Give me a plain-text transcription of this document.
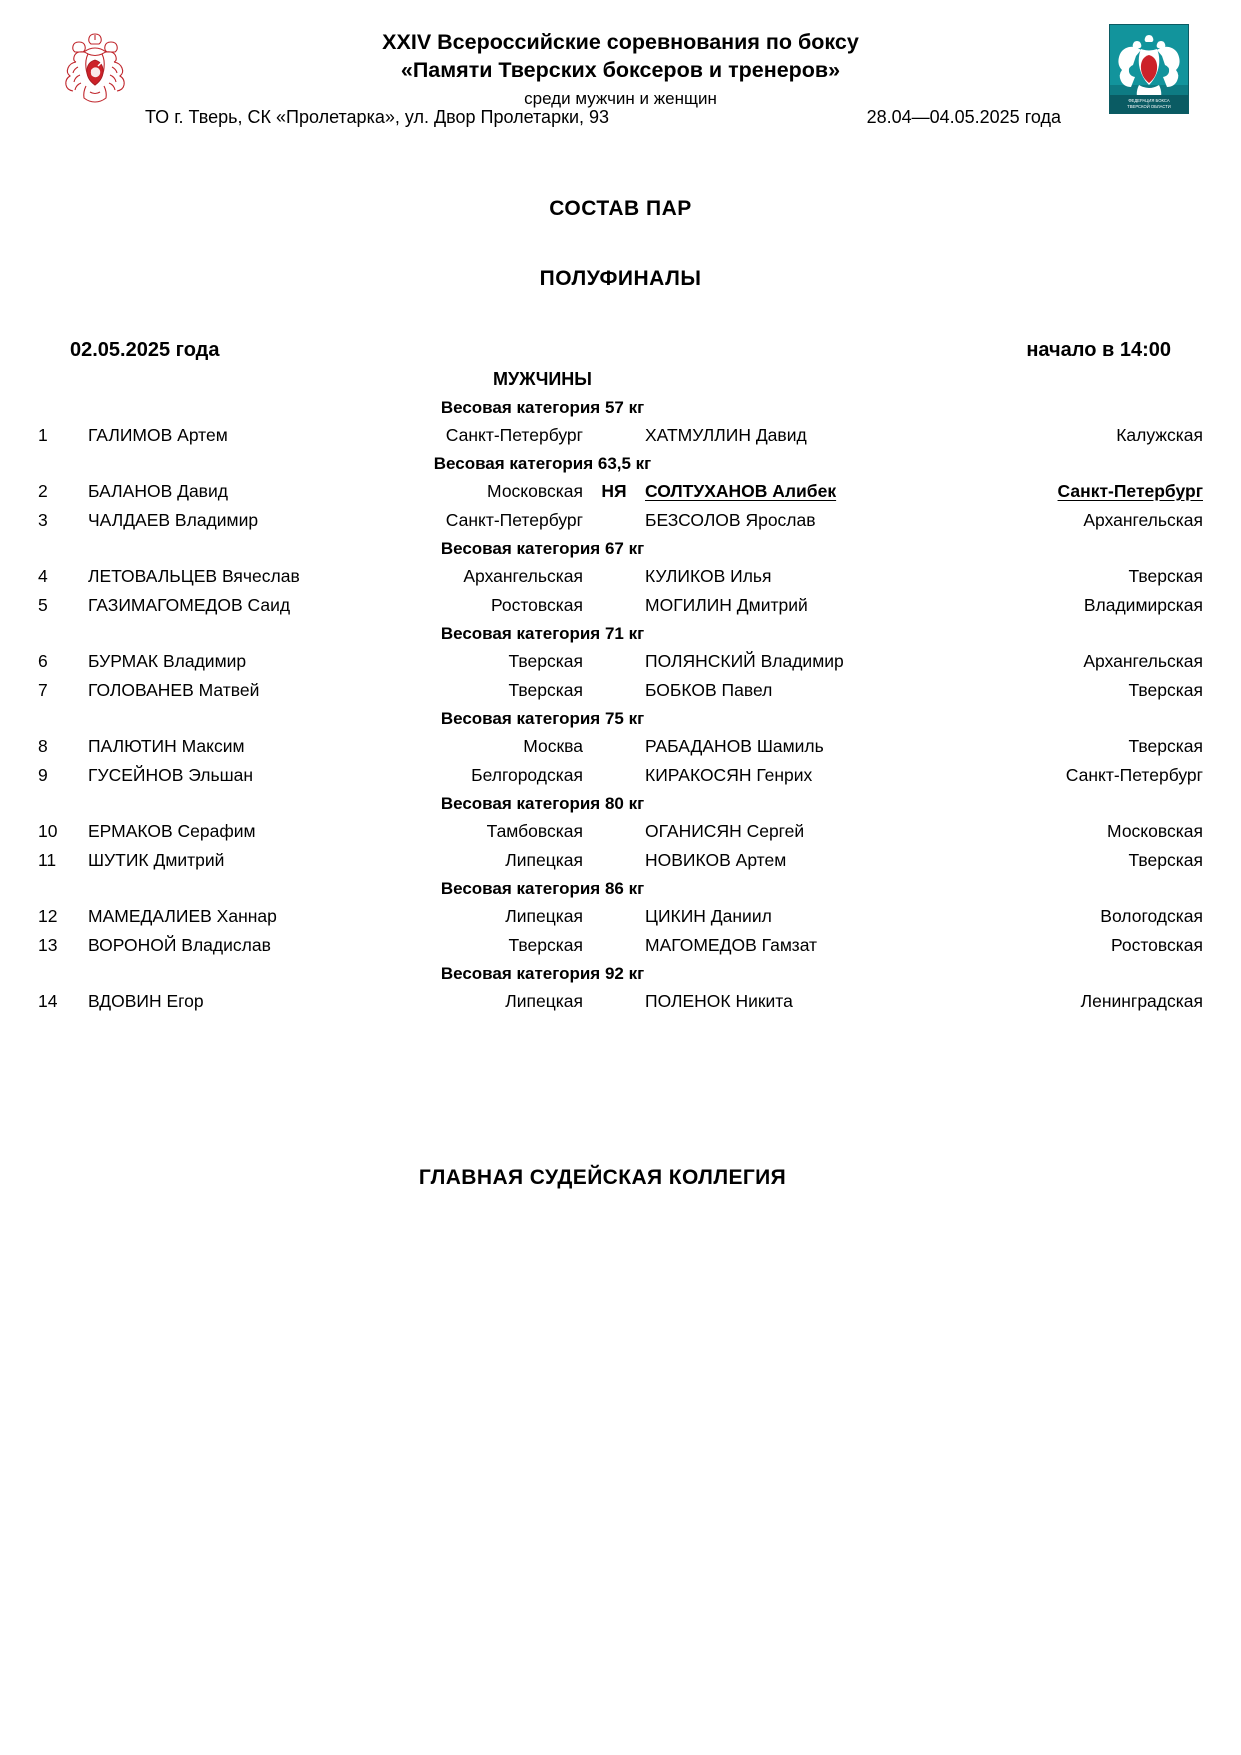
XXIV Всероссийские соревнования по боксу
«Памяти Тверских боксеров и тренеров»
среди мужчин и женщин
ТО г. Тверь, СК «Пролетарка», ул. Двор Пролетарки, 93	28.04—04.05.2025 года
ФЕДЕРАЦИЯ БОКСА
ТВЕРСКОЙ ОБЛАСТИ
СОСТАВ ПАР
ПОЛУФИНАЛЫ
02.05.2025 года	начало в 14:00
МУЖЧИНЫ
Весовая категория 57 кг
1	ГАЛИМОВ Артем	Санкт-Петербург	ХАТМУЛЛИН Давид	Калужская
Весовая категория 63,5 кг
2	БАЛАНОВ Давид	Московская	НЯ	СОЛТУХАНОВ Алибек	Санкт-Петербург
3	ЧАЛДАЕВ Владимир	Санкт-Петербург	БЕЗСОЛОВ Ярослав	Архангельская
Весовая категория 67 кг
4	ЛЕТОВАЛЬЦЕВ Вячеслав	Архангельская	КУЛИКОВ Илья	Тверская
5	ГАЗИМАГОМЕДОВ Саид	Ростовская	МОГИЛИН Дмитрий	Владимирская
Весовая категория 71 кг
6	БУРМАК Владимир	Тверская	ПОЛЯНСКИЙ Владимир	Архангельская
7	ГОЛОВАНЕВ Матвей	Тверская	БОБКОВ Павел	Тверская
Весовая категория 75 кг
8	ПАЛЮТИН Максим	Москва	РАБАДАНОВ Шамиль	Тверская
9	ГУСЕЙНОВ Эльшан	Белгородская	КИРАКОСЯН Генрих	Санкт-Петербург
Весовая категория 80 кг
10	ЕРМАКОВ Серафим	Тамбовская	ОГАНИСЯН Сергей	Московская
11	ШУТИК Дмитрий	Липецкая	НОВИКОВ Артем	Тверская
Весовая категория 86 кг
12	МАМЕДАЛИЕВ Ханнар	Липецкая	ЦИКИН Даниил	Вологодская
13	ВОРОНОЙ Владислав	Тверская	МАГОМЕДОВ Гамзат	Ростовская
Весовая категория 92 кг
14	ВДОВИН Егор	Липецкая	ПОЛЕНОК Никита	Ленинградская
ГЛАВНАЯ СУДЕЙСКАЯ КОЛЛЕГИЯ
